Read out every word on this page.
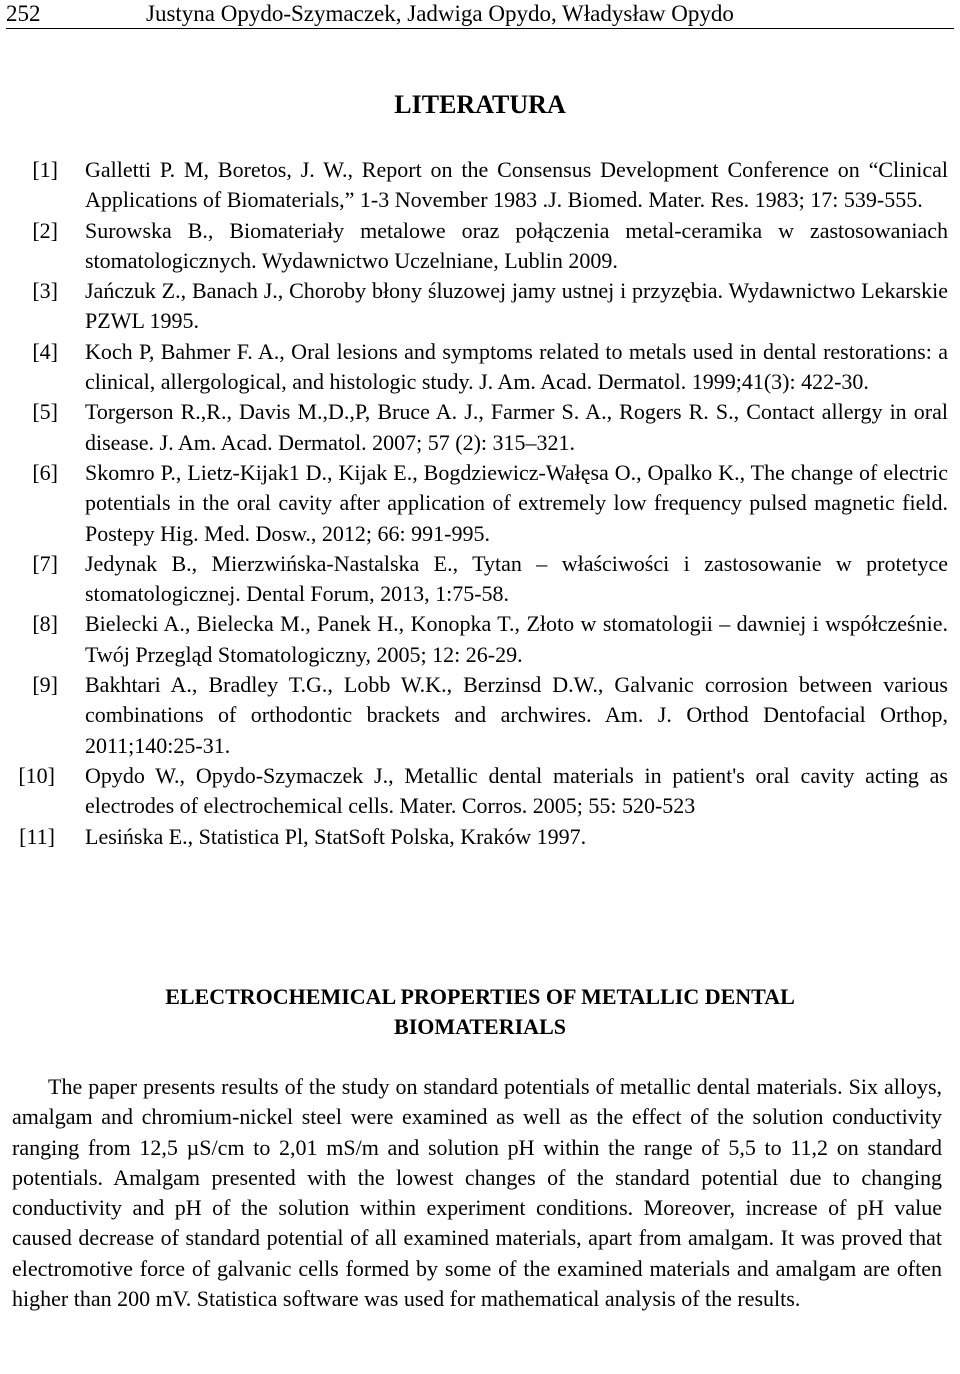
252	Justyna Opydo-Szymaczek, Jadwiga Opydo, Władysław Opydo
LITERATURA
[1] Galletti P. M, Boretos, J. W., Report on the Consensus Development Conference on “Clinical Applications of Biomaterials,” 1-3 November 1983 .J. Biomed. Mater. Res. 1983; 17: 539-555.
[2] Surowska B., Biomateriały metalowe oraz połączenia metal-ceramika w zastosowaniach stomatologicznych. Wydawnictwo Uczelniane, Lublin 2009.
[3] Jańczuk Z., Banach J., Choroby błony śluzowej jamy ustnej i przyzębia. Wydawnictwo Lekarskie PZWL 1995.
[4] Koch P, Bahmer F. A., Oral lesions and symptoms related to metals used in dental restorations: a clinical, allergological, and histologic study. J. Am. Acad. Dermatol. 1999;41(3): 422-30.
[5] Torgerson R.,R., Davis M.,D.,P, Bruce A. J., Farmer S. A., Rogers R. S., Contact allergy in oral disease. J. Am. Acad. Dermatol. 2007; 57 (2): 315–321.
[6] Skomro P., Lietz-Kijak1 D., Kijak E., Bogdziewicz-Wałęsa O., Opalko K., The change of electric potentials in the oral cavity after application of extremely low frequency pulsed magnetic field. Postepy Hig. Med. Dosw., 2012; 66: 991-995.
[7] Jedynak B., Mierzwińska-Nastalska E., Tytan – właściwości i zastosowanie w protetyce stomatologicznej. Dental Forum, 2013, 1:75-58.
[8] Bielecki A., Bielecka M., Panek H., Konopka T., Złoto w stomatologii – dawniej i współcześnie. Twój Przegląd Stomatologiczny, 2005; 12: 26-29.
[9] Bakhtari A., Bradley T.G., Lobb W.K., Berzinsd D.W., Galvanic corrosion between various combinations of orthodontic brackets and archwires. Am. J. Orthod Dentofacial Orthop, 2011;140:25-31.
[10] Opydo W., Opydo-Szymaczek J., Metallic dental materials in patient's oral cavity acting as electrodes of electrochemical cells. Mater. Corros. 2005; 55: 520-523
[11] Lesińska E., Statistica Pl, StatSoft Polska, Kraków 1997.
ELECTROCHEMICAL PROPERTIES OF METALLIC DENTAL
BIOMATERIALS

The paper presents results of the study on standard potentials of metallic dental materials. Six alloys, amalgam and chromium-nickel steel were examined as well as the effect of the solution conductivity ranging from 12,5 µS/cm to 2,01 mS/m and solution pH within the range of 5,5 to 11,2 on standard potentials. Amalgam presented with the lowest changes of the standard potential due to changing conductivity and pH of the solution within experiment conditions. Moreover, increase of pH value caused decrease of standard potential of all examined materials, apart from amalgam. It was proved that electromotive force of galvanic cells formed by some of the examined materials and amalgam are often higher than 200 mV. Statistica software was used for mathematical analysis of the results.
